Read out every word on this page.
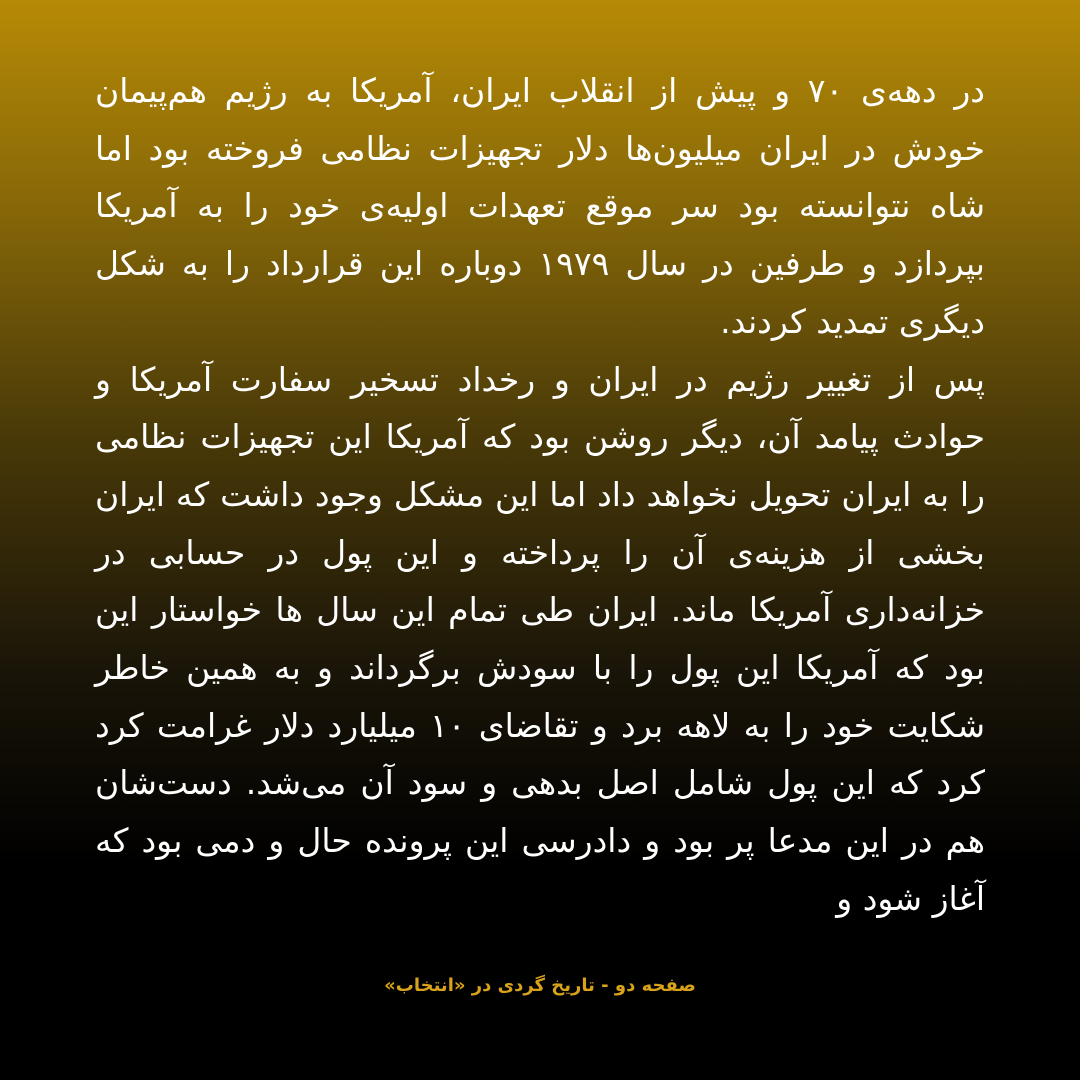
در دهه‌ی ۷۰ و پیش از انقلاب ایران، آمریکا به رژیم هم‌پیمان خودش در ایران میلیون‌ها دلار تجهیزات نظامی فروخته بود اما شاه نتوانسته بود سر موقع تعهدات اولیه‌ی خود را به آمریکا بپردازد و طرفین در سال ۱۹۷۹ دوباره این قرارداد را به شکل دیگری تمدید کردند.

پس از تغییر رژیم در ایران و رخداد تسخیر سفارت آمریکا و حوادث پیامد آن، دیگر روشن بود که آمریکا این تجهیزات نظامی را به ایران تحویل نخواهد داد اما این مشکل وجود داشت که ایران بخشی از هزینه‌ی آن را پرداخته و این پول در حسابی در خزانه‌داری آمریکا ماند. ایران طی تمام این سال ها خواستار این بود که آمریکا این پول را با سودش برگرداند و به همین خاطر شکایت خود را به لاهه برد و تقاضای ۱۰ میلیارد دلار غرامت کرد کرد که این پول شامل اصل بدهی و سود آن می‌شد. دست‌شان هم در این مدعا پر بود و دادرسی این پرونده حال و دمی بود که آغاز شود و

صفحه دو - تاریخ گردی در «انتخاب»
